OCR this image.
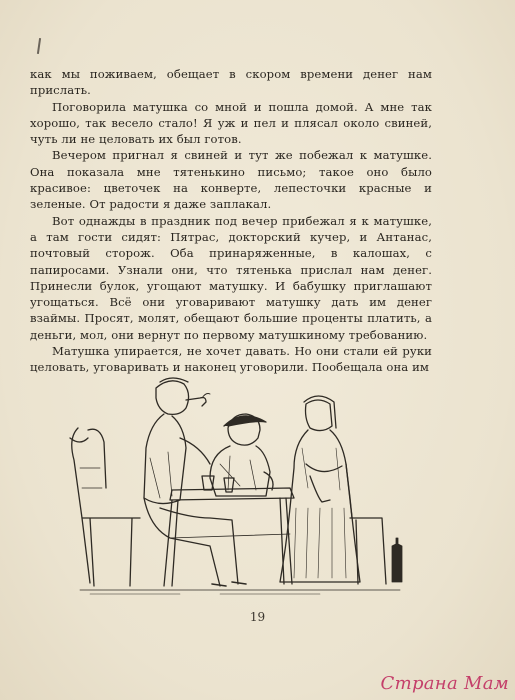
как мы поживаем, обещает в скором времени денег нам прислать.

Поговорила матушка со мной и пошла домой. А мне так хорошо, так весело стало! Я уж и пел и плясал около свиней, чуть ли не целовать их был готов.

Вечером пригнал я свиней и тут же побежал к матушке. Она показала мне тятенькино письмо; такое оно было красивое: цветочек на конверте, лепесточки красные и зеленые. От радости я даже заплакал.

Вот однажды в праздник под вечер прибежал я к матушке, а там гости сидят: Пятрас, докторский кучер, и Антанас, почтовый сторож. Оба принаряженные, в калошах, с папиросами. Узнали они, что тятенька прислал нам денег. Принесли булок, угощают матушку. И бабушку приглашают угощаться. Всё они уговаривают матушку дать им денег взаймы. Просят, молят, обещают большие проценты платить, а деньги, мол, они вернут по первому матушкиному требованию.

Матушка упирается, не хочет давать. Но они стали ей руки целовать, уговаривать и наконец уговорили. Пообещала она им

19
Страна Мам
